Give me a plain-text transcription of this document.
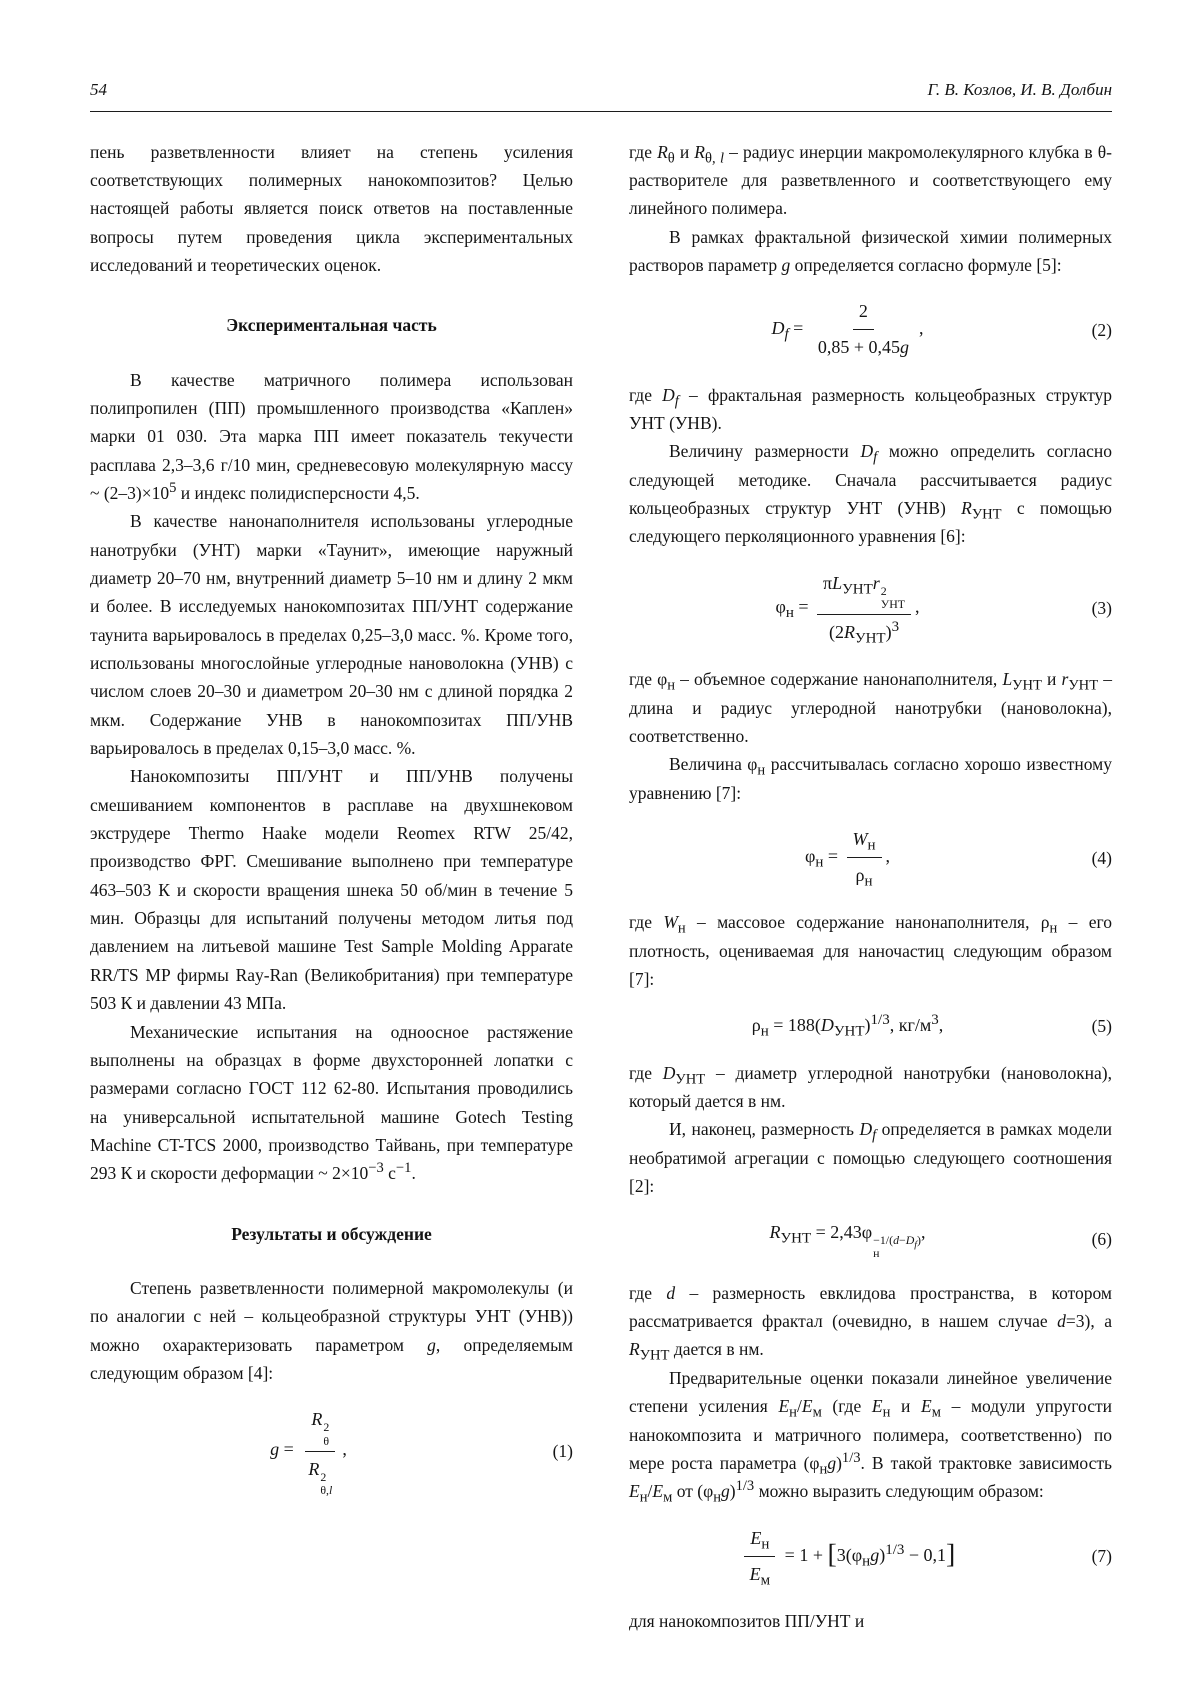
54	Г. В. Козлов, И. В. Долбин

пень разветвленности влияет на степень усиления соответствующих полимерных нанокомпозитов? Целью настоящей работы является поиск ответов на поставленные вопросы путем проведения цикла экспериментальных исследований и теоретических оценок.

Экспериментальная часть

В качестве матричного полимера использован полипропилен (ПП) промышленного производства «Каплен» марки 01 030. Эта марка ПП имеет показатель текучести расплава 2,3–3,6 г/10 мин, средневесовую молекулярную массу ~ $(2-3)\times 10^5$ и индекс полидисперсности 4,5.

В качестве нанонаполнителя использованы углеродные нанотрубки (УНТ) марки «Таунит», имеющие наружный диаметр 20–70 нм, внутренний диаметр 5–10 нм и длину 2 мкм и более. В исследуемых нанокомпозитах ПП/УНТ содержание таунита варьировалось в пределах 0,25–3,0 масс. %. Кроме того, использованы многослойные углеродные нановолокна (УНВ) с числом слоев 20–30 и диаметром 20–30 нм с длиной порядка 2 мкм. Содержание УНВ в нанокомпозитах ПП/УНВ варьировалось в пределах 0,15–3,0 масс. %.

Нанокомпозиты ПП/УНТ и ПП/УНВ получены смешиванием компонентов в расплаве на двухшнековом экструдере Thermo Haake модели Reomex RTW 25/42, производство ФРГ. Смешивание выполнено при температуре 463–503 К и скорости вращения шнека 50 об/мин в течение 5 мин. Образцы для испытаний получены методом литья под давлением на литьевой машине Test Sample Molding Apparate RR/TS MP фирмы Ray-Ran (Великобритания) при температуре 503 К и давлении 43 МПа.

Механические испытания на одноосное растяжение выполнены на образцах в форме двухсторонней лопатки с размерами согласно ГОСТ 112 62-80. Испытания проводились на универсальной испытательной машине Gotech Testing Machine CT-TCS 2000, производство Тайвань, при температуре 293 К и скорости деформации ~ $2\times 10^{-3}$ $с^{-1}$.

Результаты и обсуждение

Степень разветвленности полимерной макромолекулы (и по аналогии с ней – кольцеобразной структуры УНТ (УНВ)) можно охарактеризовать параметром g, определяемым следующим образом [4]:

g = R 2
θ
R 2
θ,l ,	(1)

где $R_\theta$ и $R_{\theta, l}$ – радиус инерции макромолекулярного клубка в θ-растворителе для разветвленного и соответствующего ему линейного полимера.

В рамках фрактальной физической химии полимерных растворов параметр g определяется согласно формуле [5]:

$D_f = \frac{2}{0,85 + 0,45g}$ ,	(2)

где $D_f$ – фрактальная размерность кольцеобразных структур УНТ (УНВ).

Величину размерности $D_f$ можно определить согласно следующей методике. Сначала рассчитывается радиус кольцеобразных структур УНТ (УНВ) $R_{УНТ}$ с помощью следующего перколяционного уравнения [6]:

$\varphi_н = \pi L_{УНТ}r$ 2
УНТ
$(2R_{УНТ})^3$ ,	(3)

где $\varphi_н$ – объемное содержание нанонаполнителя, $L_{УНТ}$ и $r_{УНТ}$ – длина и радиус углеродной нанотрубки (нановолокна), соответственно.

Величина $\varphi_н$ рассчитывалась согласно хорошо известному уравнению [7]:

$\varphi_н = \frac{W_н}{\rho_н}$ ,	(4)

где $W_н$ – массовое содержание нанонаполнителя, $\rho_н$ – его плотность, оцениваемая для наночастиц следующим образом [7]:

$\rho_н = 188(D_{УНТ})^{1/3}$, $кг/м^3$,	(5)

где $D_{УНТ}$ – диаметр углеродной нанотрубки (нановолокна), который дается в нм.

И, наконец, размерность $D_f$ определяется в рамках модели необратимой агрегации с помощью следующего соотношения [2]:

$R_{УНТ} = 2,43\varphi -1/(d-D_f)$
н
,	(6)

где d – размерность евклидова пространства, в котором рассматривается фрактал (очевидно, в нашем случае d=3), а $R_{УНТ}$ дается в нм.

Предварительные оценки показали линейное увеличение степени усиления $E_н/E_м$ (где $E_н$ и $E_м$ – модули упругости нанокомпозита и матричного полимера, соответственно) по мере роста параметра $(\varphi_нg)^{1/3}$. В такой трактовке зависимость $E_н/E_м$ от $(\varphi_нg)^{1/3}$ можно выразить следующим образом:

$\frac{E_н}{E_м} = 1 + [3(\varphi_нg)^{1/3} - 0,1]$	(7)

для нанокомпозитов ПП/УНТ и
